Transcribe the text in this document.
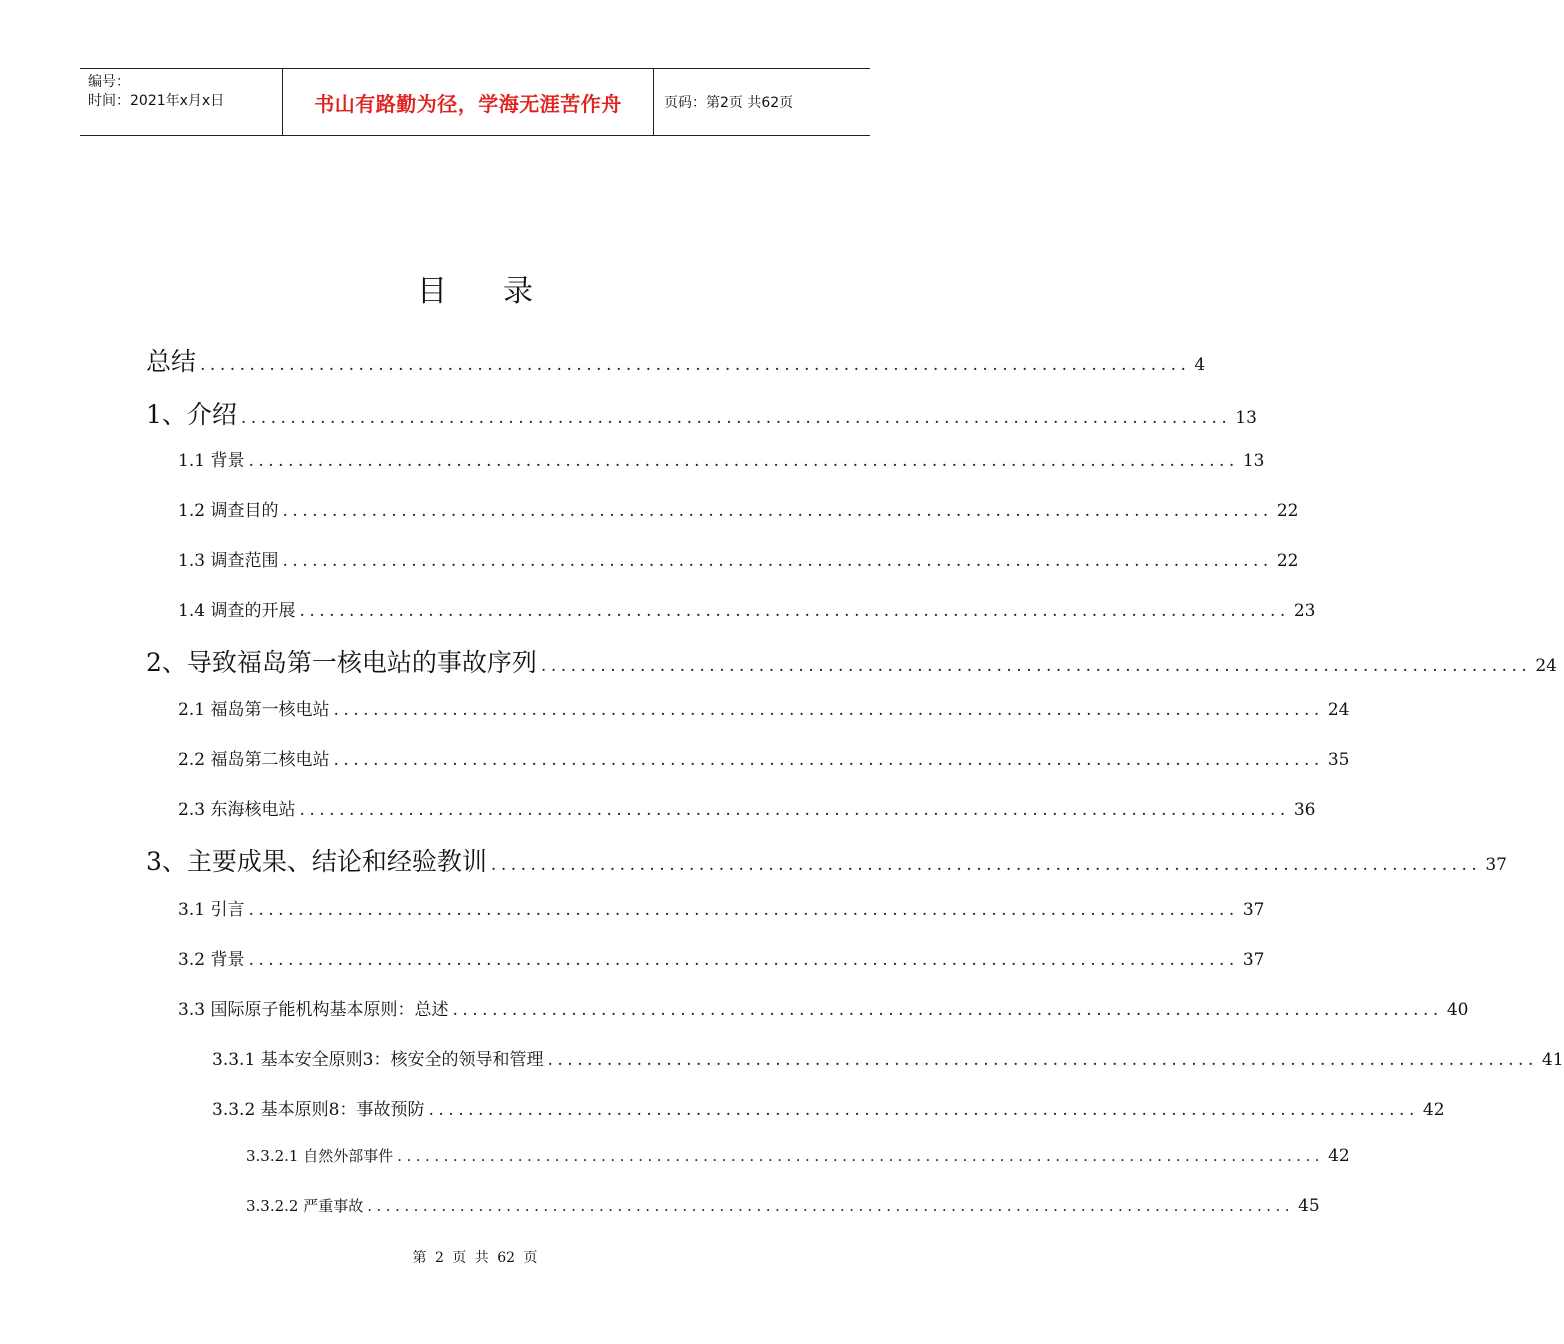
编号：
时间：2021年x月x日	书山有路勤为径，学海无涯苦作舟	页码：第2页 共62页
目录
总结 .................................................................................................... 4
1、介绍 .................................................................................................... 13
1.1 背景 .................................................................................................... 13
1.2 调查目的 .................................................................................................... 22
1.3 调查范围 .................................................................................................... 22
1.4 调查的开展 .................................................................................................... 23
2、导致福岛第一核电站的事故序列 .................................................................................................... 24
2.1 福岛第一核电站 .................................................................................................... 24
2.2 福岛第二核电站 .................................................................................................... 35
2.3 东海核电站 .................................................................................................... 36
3、主要成果、结论和经验教训 .................................................................................................... 37
3.1 引言 .................................................................................................... 37
3.2 背景 .................................................................................................... 37
3.3 国际原子能机构基本原则：总述 .................................................................................................... 40
3.3.1 基本安全原则3：核安全的领导和管理 .................................................................................................... 41
3.3.2 基本原则8：事故预防 .................................................................................................... 42
3.3.2.1 自然外部事件 .................................................................................................... 42
3.3.2.2 严重事故 .................................................................................................... 45
第 2 页 共 62 页
